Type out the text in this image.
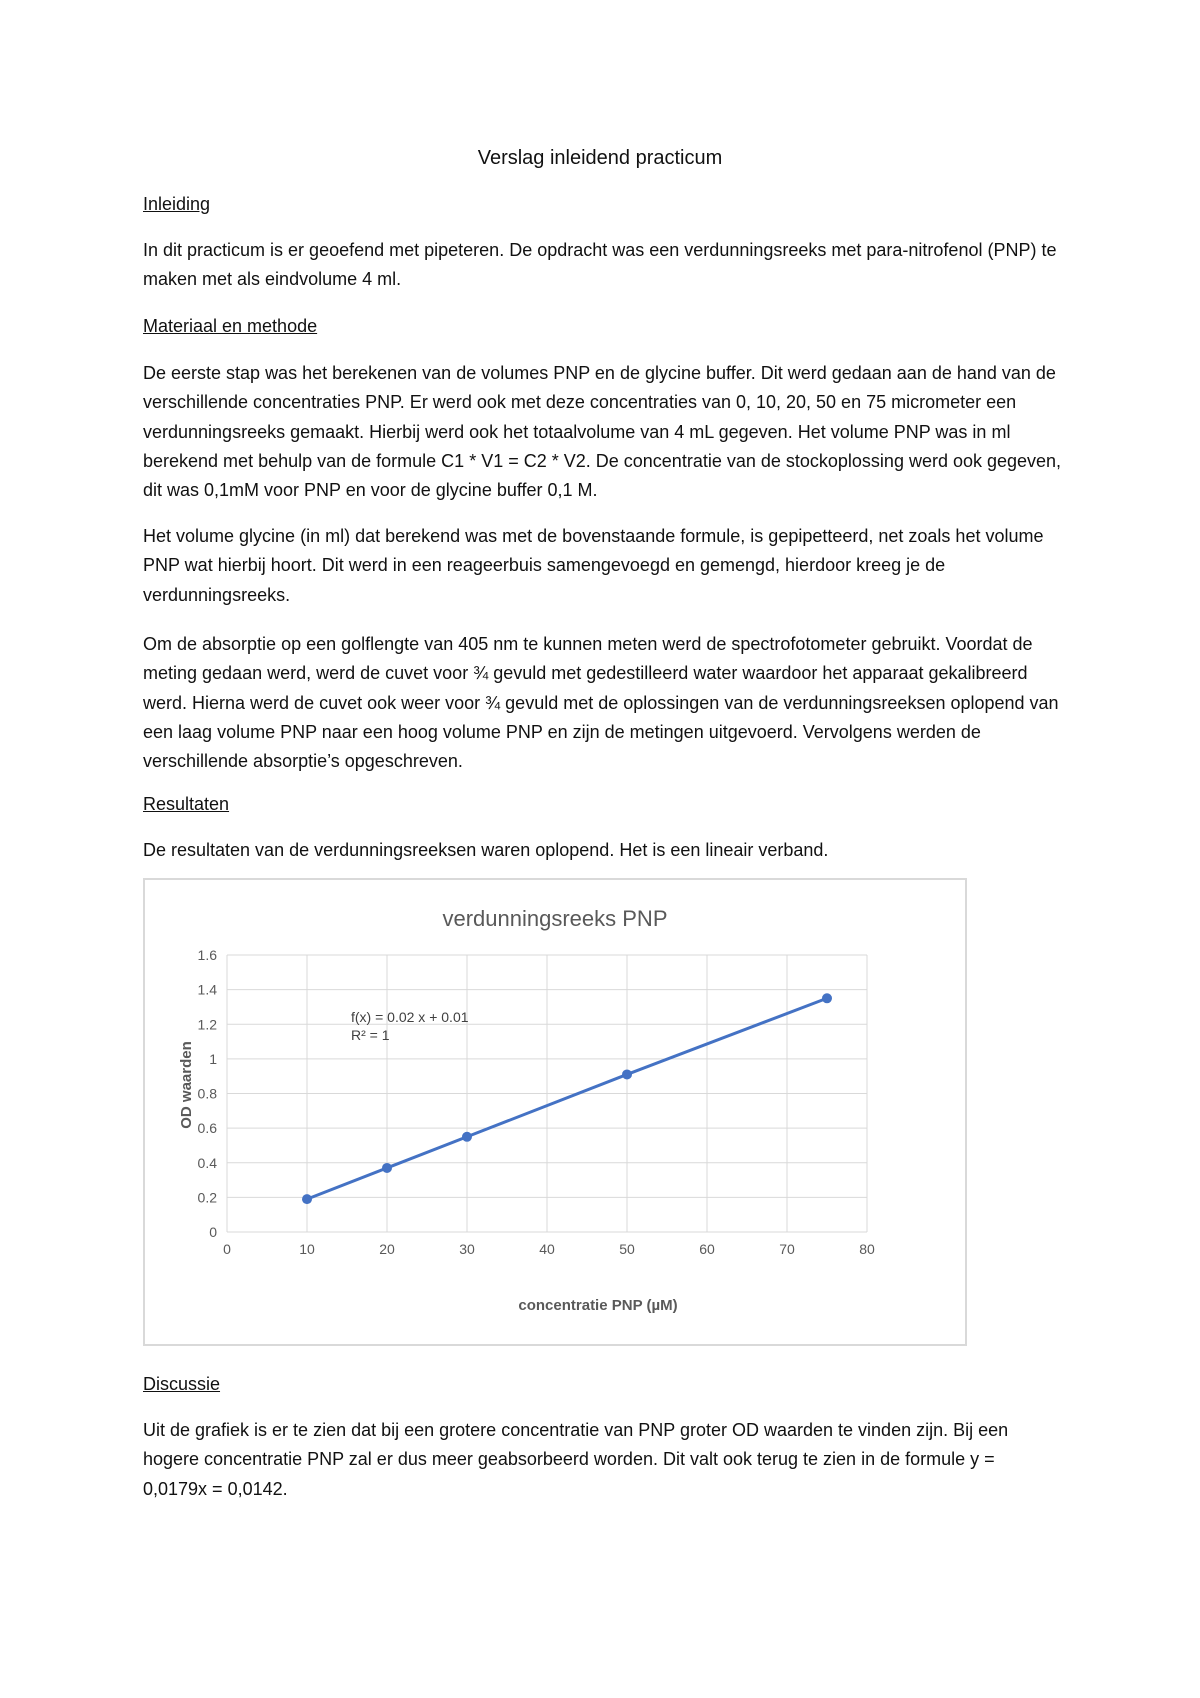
Verslag inleidend practicum
Inleiding

In dit practicum is er geoefend met pipeteren. De opdracht was een verdunningsreeks met para-nitrofenol (PNP) te maken met als eindvolume 4 ml.

Materiaal en methode

De eerste stap was het berekenen van de volumes PNP en de glycine buffer. Dit werd gedaan aan de hand van de verschillende concentraties PNP. Er werd ook met deze concentraties van 0, 10, 20, 50 en 75 micrometer een verdunningsreeks gemaakt. Hierbij werd ook het totaalvolume van 4 mL gegeven. Het volume PNP was in ml berekend met behulp van de formule C1 * V1 = C2 * V2. De concentratie van de stockoplossing werd ook gegeven, dit was 0,1mM voor PNP en voor de glycine buffer 0,1 M.

Het volume glycine (in ml) dat berekend was met de bovenstaande formule, is gepipetteerd, net zoals het volume PNP wat hierbij hoort. Dit werd in een reageerbuis samengevoegd en gemengd, hierdoor kreeg je de verdunningsreeks.

Om de absorptie op een golflengte van 405 nm te kunnen meten werd de spectrofotometer gebruikt. Voordat de meting gedaan werd, werd de cuvet voor ¾ gevuld met gedestilleerd water waardoor het apparaat gekalibreerd werd. Hierna werd de cuvet ook weer voor ¾ gevuld met de oplossingen van de verdunningsreeksen oplopend van een laag volume PNP naar een hoog volume PNP en zijn de metingen uitgevoerd. Vervolgens werden de verschillende absorptie’s opgeschreven.

Resultaten

De resultaten van de verdunningsreeksen waren oplopend. Het is een lineair verband.

verdunningsreeks PNP
0
0.2
0.4
0.6
0.8
1
1.2
1.4
1.6
0	10	20	30	40	50	60	70	80
f(x) = 0.02 x + 0.01
R² = 1
concentratie PNP (µM)
OD waarden
Discussie

Uit de grafiek is er te zien dat bij een grotere concentratie van PNP groter OD waarden te vinden zijn. Bij een hogere concentratie PNP zal er dus meer geabsorbeerd worden. Dit valt ook terug te zien in de formule y = 0,0179x = 0,0142.
